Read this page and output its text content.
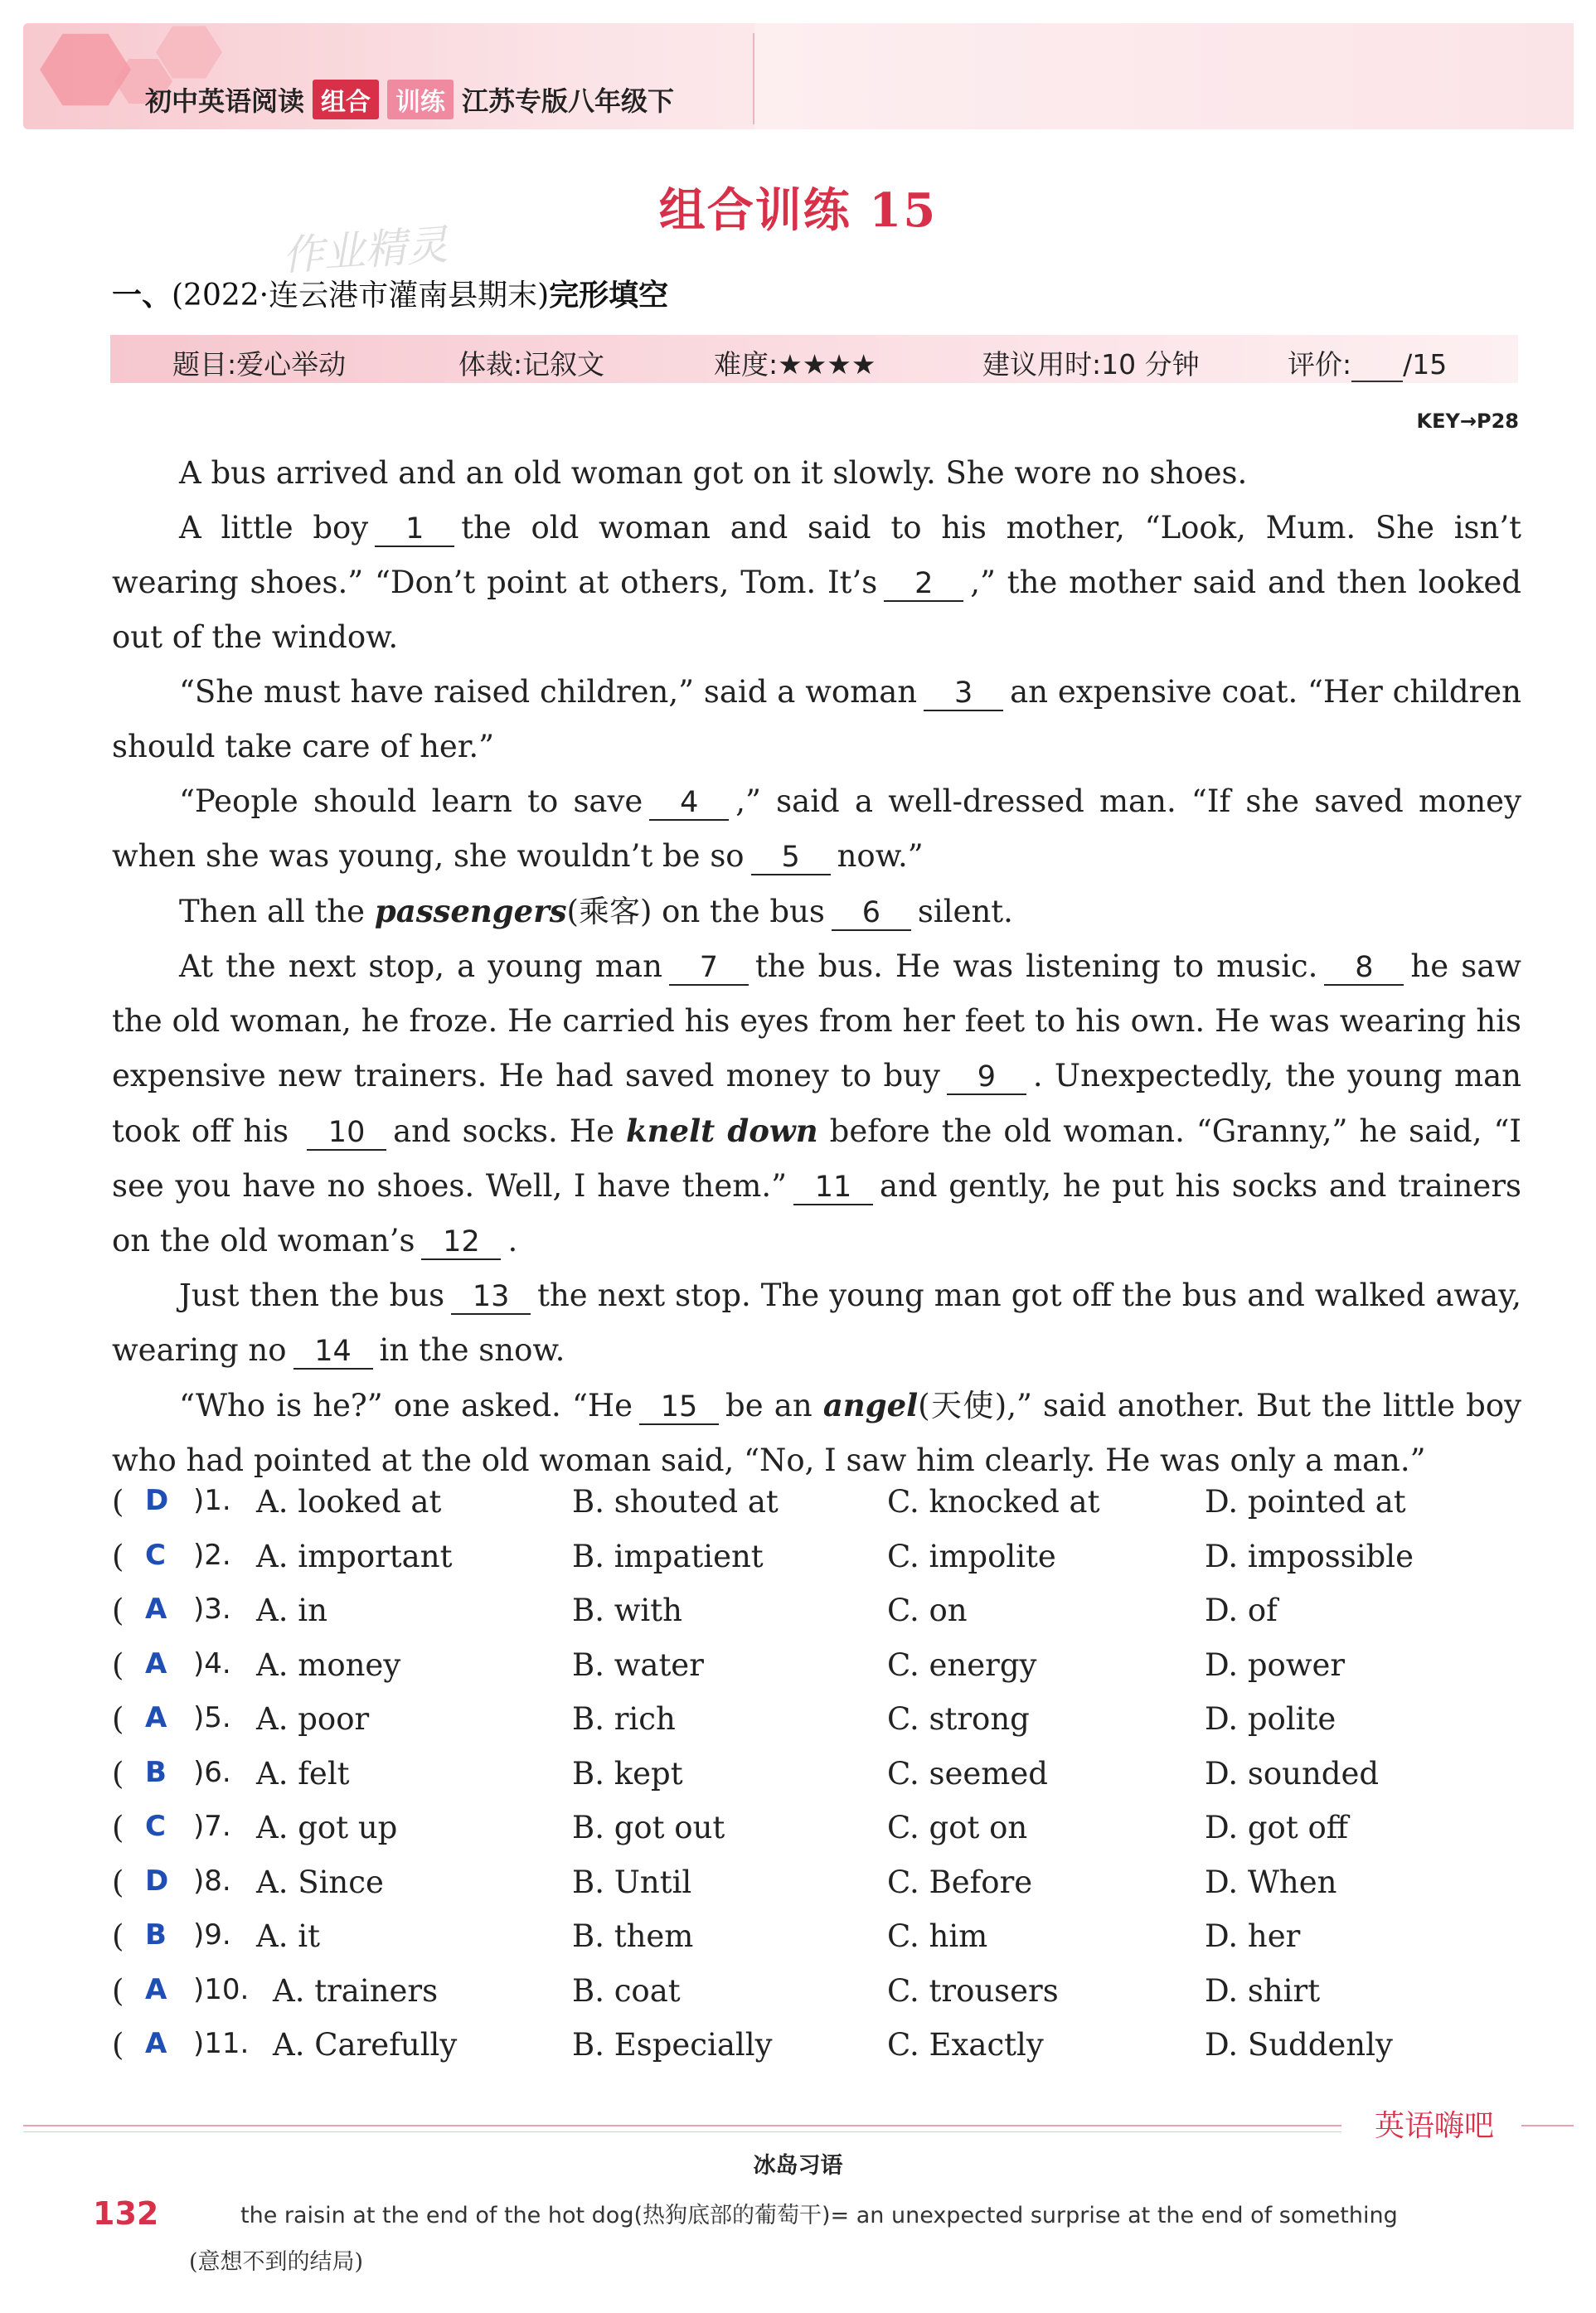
初中英语阅读 组合	训练 江苏专版八年级下
组合训练 15
作业精灵
一、(2022·连云港市灌南县期末)完形填空
题目:爱心举动	体裁:记叙文	难度:★★★★	建议用时:10 分钟	评价: /15
KEY→P28

A bus arrived and an old woman got on it slowly. She wore no shoes.

A little boy 1 the old woman and said to his mother, “Look, Mum. She isn’t wearing shoes.” “Don’t point at others, Tom. It’s 2 ,” the mother said and then looked out of the window.

“She must have raised children,” said a woman 3 an expensive coat. “Her children should take care of her.”

“People should learn to save 4 ,” said a well-dressed man. “If she saved money when she was young, she wouldn’t be so 5 now.”

Then all the passengers(乘客) on the bus 6 silent.

At the next stop, a young man 7 the bus. He was listening to music. 8 he saw the old woman, he froze. He carried his eyes from her feet to his own. He was wearing his expensive new trainers. He had saved money to buy 9 . Unexpectedly, the young man took off his 10 and socks. He knelt down before the old woman. “Granny,” he said, “I see you have no shoes. Well, I have them.” 11 and gently, he put his socks and trainers on the old woman’s 12 .

Just then the bus 13 the next stop. The young man got off the bus and walked away, wearing no 14 in the snow.

“Who is he?” one asked. “He 15 be an angel(天使),” said another. But the little boy who had pointed at the old woman said, “No, I saw him clearly. He was only a man.”

( D )1. A. looked at	B. shouted at	C. knocked at	D. pointed at
( C )2. A. important	B. impatient	C. impolite	D. impossible
( A )3. A. in	B. with	C. on	D. of
( A )4. A. money	B. water	C. energy	D. power
( A )5. A. poor	B. rich	C. strong	D. polite
( B )6. A. felt	B. kept	C. seemed	D. sounded
( C )7. A. got up	B. got out	C. got on	D. got off
( D )8. A. Since	B. Until	C. Before	D. When
( B )9. A. it	B. them	C. him	D. her
( A )10. A. trainers	B. coat	C. trousers	D. shirt
( A )11. A. Carefully	B. Especially	C. Exactly	D. Suddenly
英语嗨吧
冰岛习语
132	the raisin at the end of the hot dog(热狗底部的葡萄干)= an unexpected surprise at the end of something
(意想不到的结局)
